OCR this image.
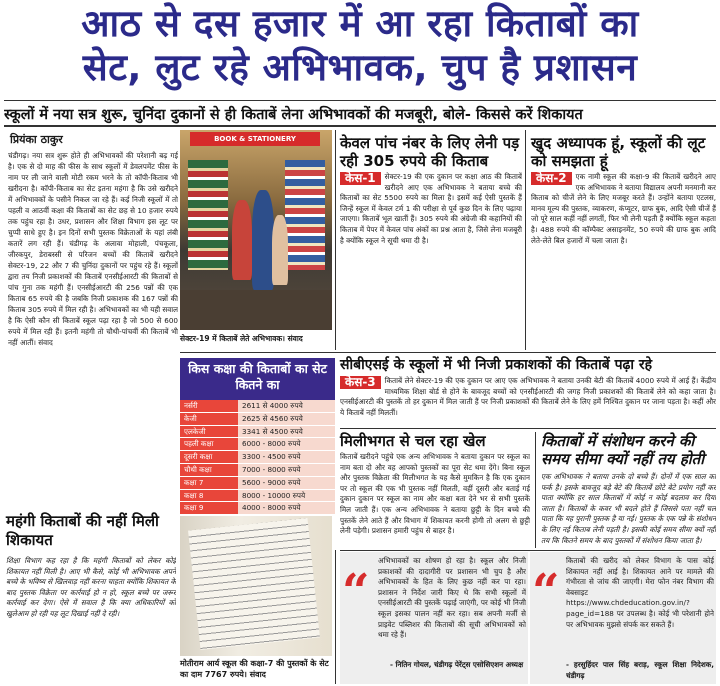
आठ से दस हजार में आ रहा किताबों का
सेट, लुट रहे अभिभावक, चुप है प्रशासन
स्कूलों में नया सत्र शुरू, चुनिंदा दुकानों से ही किताबें लेना अभिभावकों की मजबूरी, बोले- किससे करें शिकायत
प्रियंका ठाकुर

चंडीगढ़। नया सत्र शुरू होते ही अभिभावकों की परेशानी बढ़ गई है। एक से दो माह की फीस के साथ स्कूलों में डेवलपमेंट फीस के नाम पर ली जाने वाली मोटी रकम भरने के तो कॉपी-किताब भी खरीदना है। कॉपी-किताब का सेट इतना महंगा है कि उसे खरीदने में अभिभावकों के पसीने निकल जा रहे हैं। कई निजी स्कूलों में तो पहली व आठवीं कक्षा की किताबों का सेट छह से 10 हजार रुपये तक पहुंच रहा है। उधर, प्रशासन और शिक्षा विभाग इस लूट पर चुप्पी साधे हुए है। इन दिनों सभी पुस्तक विक्रेताओं के यहां लंबी कतारें लग रही हैं। चंडीगढ़ के अलावा मोहाली, पंचकूला, जीरकपुर, डेराबस्सी से परिजन बच्चों की किताबें खरीदने सेक्टर-19, 22 और 7 की चुनिंदा दुकानों पर पहुंच रहे हैं। स्कूलों द्वारा तय निजी प्रकाशकों की किताबें एनसीईआरटी की किताबों से पांच गुना तक महंगी हैं। एनसीईआरटी की 256 पन्नों की एक किताब 65 रुपये की है जबकि निजी प्रकाशक की 167 पन्नों की किताब 305 रुपये में मिल रही है। अभिभावकों का भी यही सवाल है कि ऐसी कौन सी किताबें स्कूल पढ़ा रहा है जो 500 से 600 रुपये में मिल रही हैं। इतनी महंगी तो चौथी-पांचवीं की किताबें भी नहीं आतीं। संवाद

BOOK & STATIONERY
सेक्टर-19 में किताबें लेते अभिभावक। संवाद
केवल पांच नंबर के लिए लेनी पड़ रही 305 रुपये की किताब
केस-1	सेक्टर-19 की एक दुकान पर कक्षा आठ की किताबें खरीदने आए एक अभिभावक ने बताया बच्चे की किताबों का सेट 5500 रुपये का मिला है। इसमें कई ऐसी पुस्तकें हैं जिन्हें स्कूल में केवल टर्म 1 की परीक्षा से पूर्व कुछ दिन के लिए पढ़ाया जाएगा। किताबें भूल खातीं हैं। 305 रुपये की अंग्रेजी की कहानियों की किताब में पेपर में केवल पांच अंकों का प्रश्न आता है, जिसे लेना मजबूरी है क्योंकि स्कूल ने सूची थमा दी है।
खुद अध्यापक हूं, स्कूलों की लूट को समझता हूं
केस-2	एक नामी स्कूल की कक्षा-9 की किताबें खरीदने आए एक अभिभावक ने बताया विद्यालय अपनी मनमानी कर किताब को चीजें लेने के लिए मजबूर करते हैं। उन्होंने बताया एटलस, मानव मूल्य की पुस्तक, व्याकरण, कंप्यूटर, ग्राफ बुक, आदि ऐसी चीजें हैं जो पूरे साल कहीं नहीं लगतीं, फिर भी लेनी पड़ती हैं क्योंकि स्कूल कहता है। 488 रुपये की कॉम्पैक्ट असाइनमेंट, 50 रुपये की ग्राफ बुक आदि लेते-लेते बिल हजारों में चला जाता है।
किस कक्षा की किताबों का सेट कितने का
नर्सरी	2611 से 4000 रुपये
केजी	2625 से 4560 रुपये
एलकेजी	3341 से 4500 रुपये
पहली कक्षा	6000 - 8000 रुपये
दूसरी कक्षा	3300 - 4500 रुपये
चौथी कक्षा	7000 - 8000 रुपये
कक्षा 7	5600 - 9000 रुपये
कक्षा 8	8000 - 10000 रुपये
कक्षा 9	4000 - 8000 रुपये
सीबीएसई के स्कूलों में भी निजी प्रकाशकों की किताबें पढ़ा रहे
केस-3	किताबें लेने सेक्टर-19 की एक दुकान पर आए एक अभिभावक ने बताया उनकी बेटी की किताबें 4000 रुपये में आई हैं। केंद्रीय माध्यमिक शिक्षा बोर्ड से होने के बावजूद बच्चों को एनसीईआरटी की जगह निजी प्रकाशकों की किताबें लेने को कहा जाता है। एनसीईआरटी की पुस्तकें तो हर दुकान में मिल जाती हैं पर निजी प्रकाशकों की किताबें लेने के लिए हमें निश्चित दुकान पर जाना पड़ता है। कहीं और ये किताबें नहीं मिलतीं।
मिलीभगत से चल रहा खेल
किताबें खरीदने पहुंचे एक अन्य अभिभावक ने बताया दुकान पर स्कूल का नाम बता दो और वह आपको पुस्तकों का पूरा सेट थमा देंगे। बिना स्कूल और पुस्तक विक्रेता की मिलीभगत के यह कैसे मुमकिन है कि एक दुकान पर तो स्कूल की एक भी पुस्तक नहीं मिलती, वहीं दूसरी और बताई गई दुकान दुकान पर स्कूल का नाम और कक्षा बता देने भर से सभी पुस्तकें मिल जाती हैं। एक अन्य अभिभावक ने बताया छुट्टी के दिन बच्चे की पुस्तकें लेने आते हैं और विभाग में शिकायत करनी होगी तो अलग से छुट्टी लेनी पड़ेगी। प्रशासन हमारी पहुंच से बाहर है।
किताबों में संशोधन करने की समय सीमा क्यों नहीं तय होती
एक अभिभावक ने बताया उनके दो बच्चे हैं। दोनों में एक साल का फर्क है। इसके बावजूद बड़े बेटे की किताबें छोटे बेटे प्रयोग नहीं कर पाता क्योंकि हर साल किताबों में कोई न कोई बदलाव कर दिया जाता है। किताबों के कवर भी बदले होते हैं जिससे पता नहीं चल पाता कि यह पुरानी पुस्तक है या नई। पुस्तक के एक पन्ने के संशोधन के लिए नई किताब लेनी पड़ती है। इसकी कोई समय सीमा क्यों नहीं तय कि कितने समय के बाद पुस्तकों में संशोधन किया जाता है।
महंगी किताबों की नहीं मिली शिकायत
शिक्षा विभाग कह रहा है कि महंगी किताबों को लेकर कोई शिकायत नहीं मिली है। आए भी कैसे, कोई भी अभिभावक अपने बच्चे के भविष्य से खिलवाड़ नहीं करना चाहता क्योंकि शिकायत के बाद पुस्तक विक्रेता पर कार्रवाई हो न हो, स्कूल बच्चे पर जरूर कार्रवाई कर देगा। ऐसे में सवाल है कि क्या अधिकारियों को खुलेआम हो रही यह लूट दिखाई नहीं दे रही।
मोतीराम आर्य स्कूल की कक्षा-7 की पुस्तकों के सेट का दाम 7767 रुपये। संवाद
“
अभिभावकों का शोषण हो रहा है। स्कूल और निजी प्रकाशकों की दादागीरी पर प्रशासन भी चुप है और अभिभावकों के हित के लिए कुछ नहीं कर पा रहा। प्रशासन ने निर्देश जारी किए थे कि सभी स्कूलों में एनसीईआरटी की पुस्तकें पढ़ाई जाएंगी, पर कोई भी निजी स्कूल इसका पालन नहीं कर रहा। सब अपनी मर्जी से प्राइवेट पब्लिशर की किताबों की सूची अभिभावकों को थमा रहे हैं।
- नितिन गोयल, चंडीगढ़ पेरेंट्स एसोसिएशन अध्यक्ष
“
किताबों की खरीद को लेकर विभाग के पास कोई शिकायत नहीं आई है। शिकायत आने पर मामले की गंभीरता से जांच की जाएगी। मेरा फोन नंबर विभाग की वेबसाइट https://www.chdeducation.gov.in/?page_id=188 पर उपलब्ध है। कोई भी परेशानी होने पर अभिभावक मुझसे संपर्क कर सकते हैं।
- हरसुहिंदर पाल सिंह बराड़, स्कूल शिक्षा निदेशक, चंडीगढ़
